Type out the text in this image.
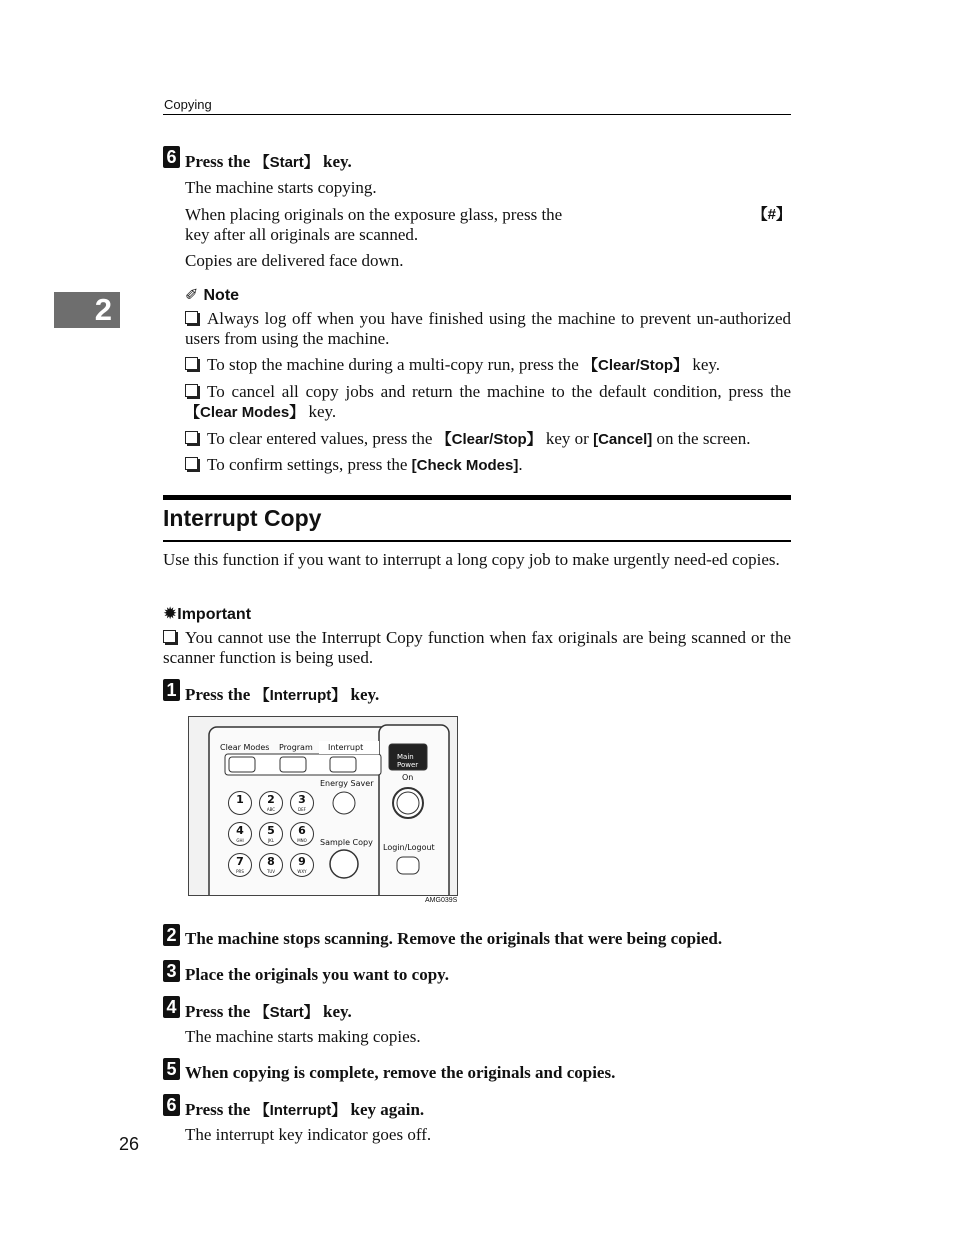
Copying
2
6 Press the 【Start】 key.
The machine starts copying.
When placing originals on the exposure glass, press the	【#】
key after all originals are scanned.
Copies are delivered face down.
✐ Note
Always log off when you have finished using the machine to prevent un-authorized users from using the machine.
To stop the machine during a multi-copy run, press the 【Clear/Stop】 key.
To cancel all copy jobs and return the machine to the default condition, press the 【Clear Modes】 key.
To clear entered values, press the 【Clear/Stop】 key or [Cancel] on the screen.
To confirm settings, press the [Check Modes].
Interrupt Copy
Use this function if you want to interrupt a long copy job to make urgently need-ed copies.
✹Important
You cannot use the Interrupt Copy function when fax originals are being scanned or the scanner function is being used.
1 Press the 【Interrupt】 key.
Clear Modes Program Interrupt
Energy Saver
Sample Copy
Main
Power
On
Login/Logout
1	2
ABC
3
DEF
4
GHI
5
JKL
6
MNO
7
PRS
8
TUV
9
WXY
AMG039S
2 The machine stops scanning. Remove the originals that were being copied.
3 Place the originals you want to copy.
4 Press the 【Start】 key.
The machine starts making copies.
5 When copying is complete, remove the originals and copies.
6 Press the 【Interrupt】 key again.
The interrupt key indicator goes off.
26
